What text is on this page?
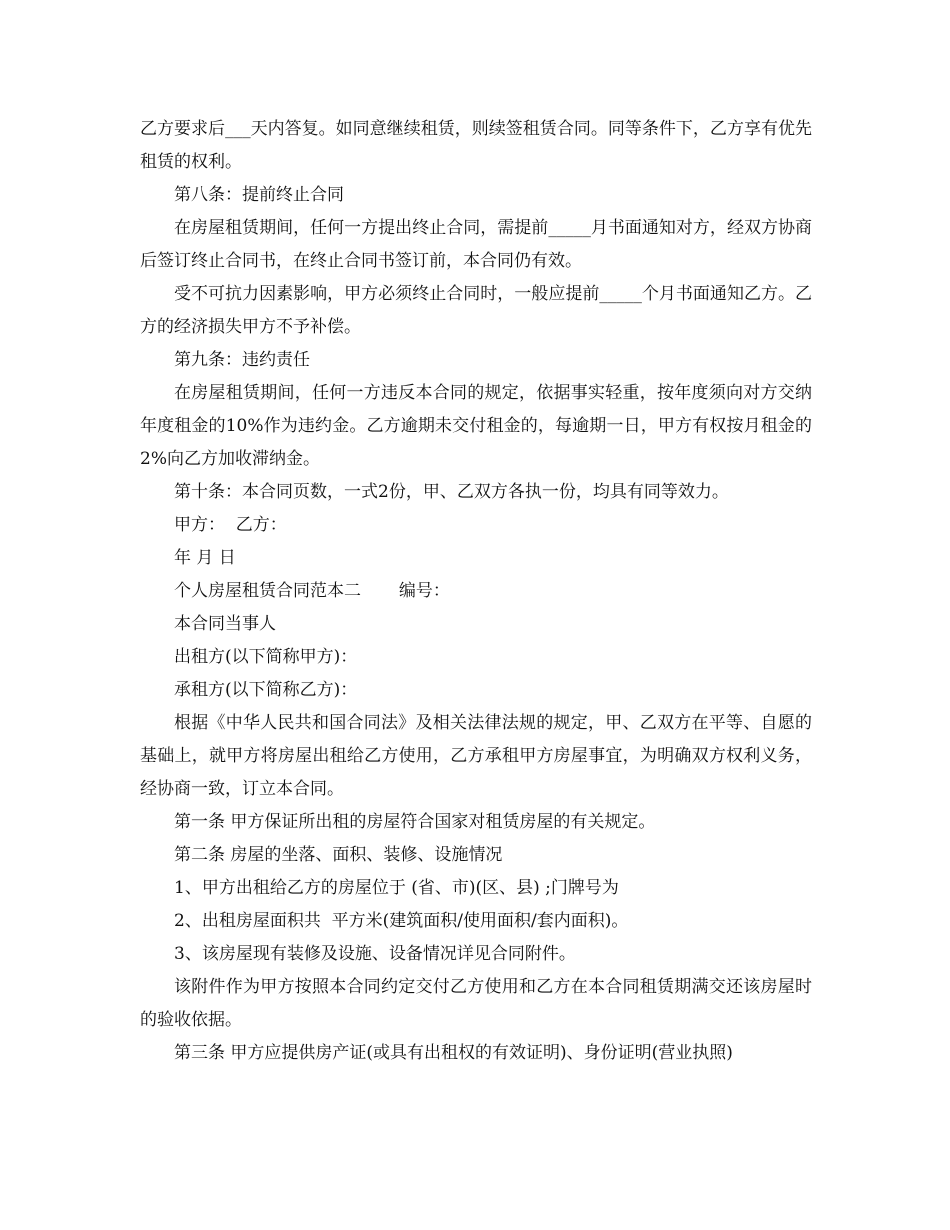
乙方要求后___天内答复。如同意继续租赁，则续签租赁合同。同等条件下，乙方享有优先租赁的权利。

第八条：提前终止合同

在房屋租赁期间，任何一方提出终止合同，需提前_____月书面通知对方，经双方协商后签订终止合同书，在终止合同书签订前，本合同仍有效。

受不可抗力因素影响，甲方必须终止合同时，一般应提前_____个月书面通知乙方。乙方的经济损失甲方不予补偿。

第九条：违约责任

在房屋租赁期间，任何一方违反本合同的规定，依据事实轻重，按年度须向对方交纳年度租金的10%作为违约金。乙方逾期未交付租金的，每逾期一日，甲方有权按月租金的2%向乙方加收滞纳金。

第十条：本合同页数，一式2份，甲、乙双方各执一份，均具有同等效力。

甲方：  乙方：

年 月 日

个人房屋租赁合同范本二       编号：

本合同当事人

出租方(以下简称甲方)：

承租方(以下简称乙方)：

根据《中华人民共和国合同法》及相关法律法规的规定，甲、乙双方在平等、自愿的基础上，就甲方将房屋出租给乙方使用，乙方承租甲方房屋事宜，为明确双方权利义务，经协商一致，订立本合同。

第一条 甲方保证所出租的房屋符合国家对租赁房屋的有关规定。

第二条 房屋的坐落、面积、装修、设施情况

1、甲方出租给乙方的房屋位于 (省、市)(区、县) ;门牌号为

2、出租房屋面积共  平方米(建筑面积/使用面积/套内面积)。

3、该房屋现有装修及设施、设备情况详见合同附件。

该附件作为甲方按照本合同约定交付乙方使用和乙方在本合同租赁期满交还该房屋时的验收依据。

第三条 甲方应提供房产证(或具有出租权的有效证明)、身份证明(营业执照)
